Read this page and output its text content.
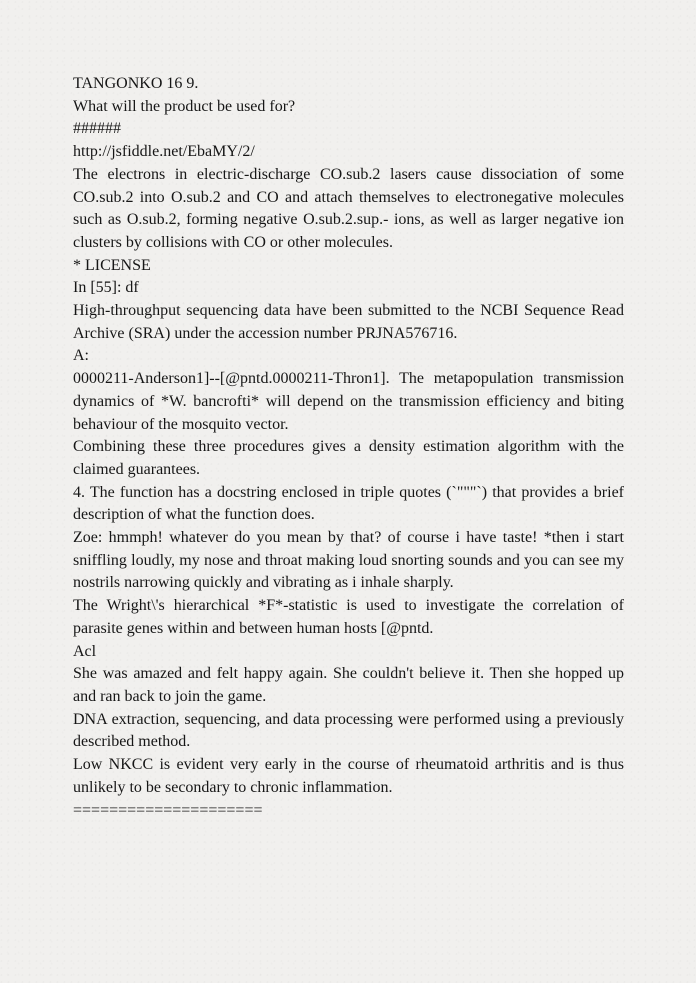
TANGONKO 16 9.

What will the product be used for?

######

http://jsfiddle.net/EbaMY/2/

The electrons in electric-discharge CO.sub.2 lasers cause dissociation of some CO.sub.2 into O.sub.2 and CO and attach themselves to electronegative molecules such as O.sub.2, forming negative O.sub.2.sup.- ions, as well as larger negative ion clusters by collisions with CO or other molecules.

* LICENSE

In [55]: df

High-throughput sequencing data have been submitted to the NCBI Sequence Read Archive (SRA) under the accession number PRJNA576716.

A:

0000211-Anderson1]--[@pntd.0000211-Thron1]. The metapopulation transmission dynamics of *W. bancrofti* will depend on the transmission efficiency and biting behaviour of the mosquito vector.

Combining these three procedures gives a density estimation algorithm with the claimed guarantees.

4. The function has a docstring enclosed in triple quotes (`"""`) that provides a brief description of what the function does.

Zoe: hmmph! whatever do you mean by that? of course i have taste! *then i start sniffling loudly, my nose and throat making loud snorting sounds and you can see my nostrils narrowing quickly and vibrating as i inhale sharply.

The Wright\'s hierarchical *F*-statistic is used to investigate the correlation of parasite genes within and between human hosts [@pntd.

Acl

She was amazed and felt happy again. She couldn't believe it. Then she hopped up and ran back to join the game.

DNA extraction, sequencing, and data processing were performed using a previously described method.

Low NKCC is evident very early in the course of rheumatoid arthritis and is thus unlikely to be secondary to chronic inflammation.

=====================
